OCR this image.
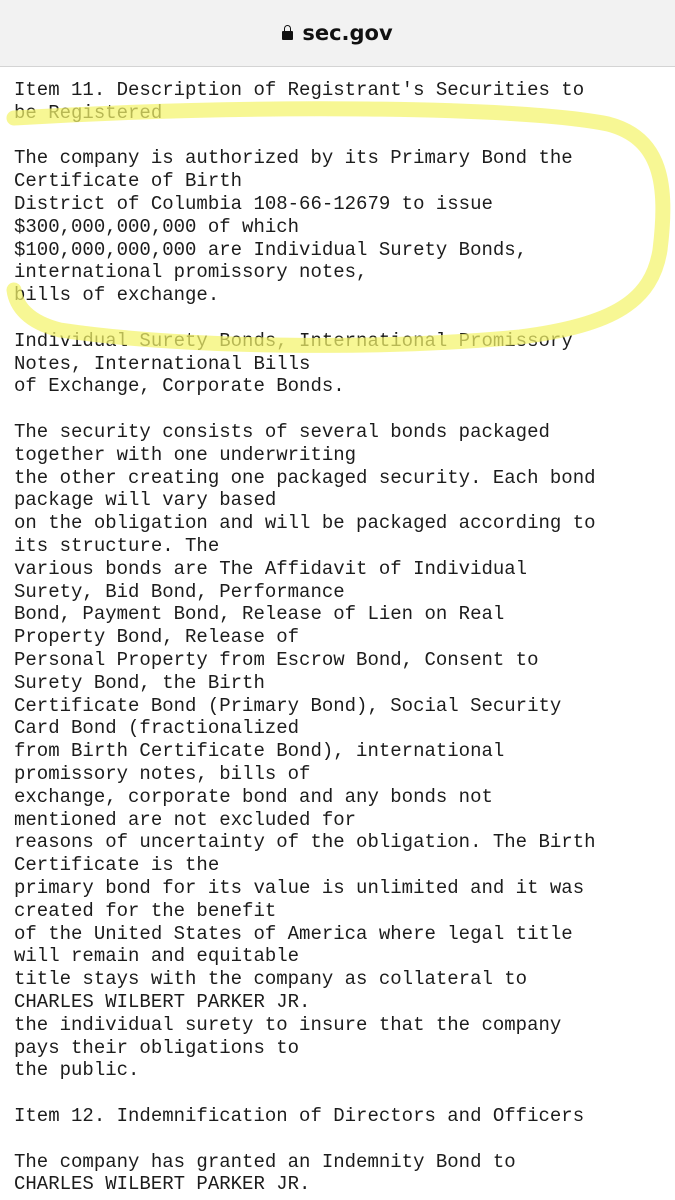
sec.gov

Item 11. Description of Registrant's Securities to

be Registered

The company is authorized by its Primary Bond the

Certificate of Birth

District of Columbia 108-66-12679 to issue

$300,000,000,000 of which

$100,000,000,000 are Individual Surety Bonds,

international promissory notes,

bills of exchange.

Individual Surety Bonds, International Promissory

Notes, International Bills

of Exchange, Corporate Bonds.

The security consists of several bonds packaged

together with one underwriting

the other creating one packaged security. Each bond

package will vary based

on the obligation and will be packaged according to

its structure. The

various bonds are The Affidavit of Individual

Surety, Bid Bond, Performance

Bond, Payment Bond, Release of Lien on Real

Property Bond, Release of

Personal Property from Escrow Bond, Consent to

Surety Bond, the Birth

Certificate Bond (Primary Bond), Social Security

Card Bond (fractionalized

from Birth Certificate Bond), international

promissory notes, bills of

exchange, corporate bond and any bonds not

mentioned are not excluded for

reasons of uncertainty of the obligation. The Birth

Certificate is the

primary bond for its value is unlimited and it was

created for the benefit

of the United States of America where legal title

will remain and equitable

title stays with the company as collateral to

CHARLES WILBERT PARKER JR.

the individual surety to insure that the company

pays their obligations to

the public.

Item 12. Indemnification of Directors and Officers

The company has granted an Indemnity Bond to

CHARLES WILBERT PARKER JR.
